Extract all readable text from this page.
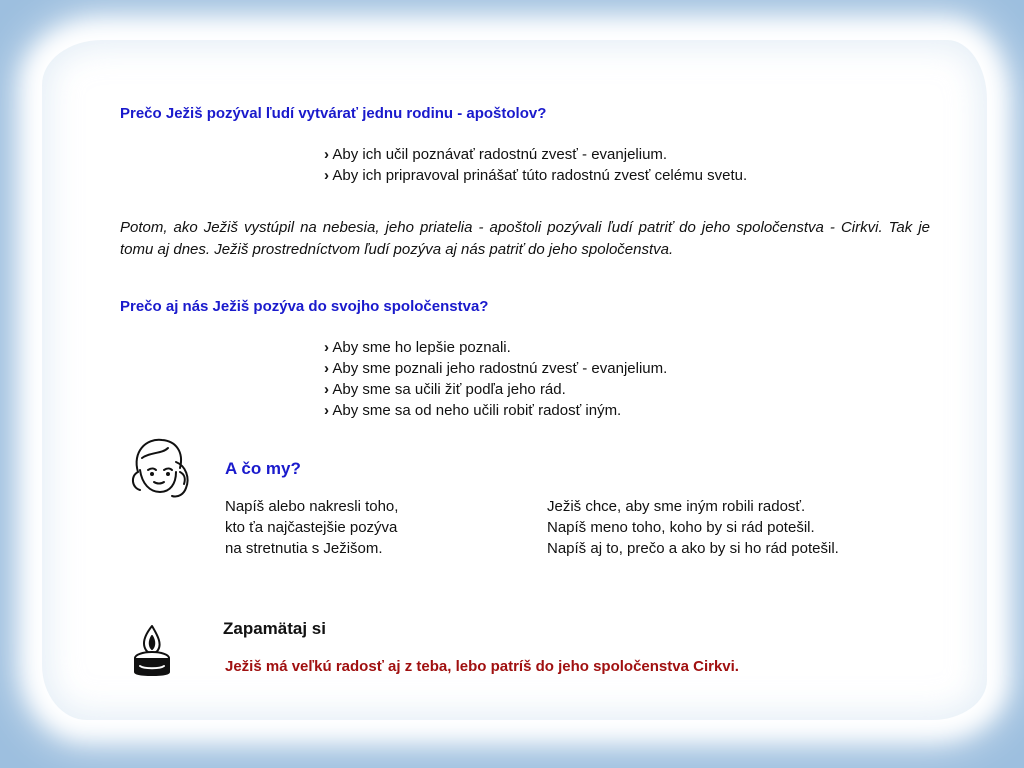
Prečo Ježiš pozýval ľudí vytvárať jednu rodinu - apoštolov?

› Aby ich učil poznávať radostnú zvesť - evanjelium.
› Aby ich pripravoval prinášať túto radostnú zvesť celému svetu.

Potom, ako Ježiš vystúpil na nebesia, jeho priatelia - apoštoli pozývali ľudí patriť do jeho spoločenstva - Cirkvi. Tak je tomu aj dnes. Ježiš prostredníctvom ľudí pozýva aj nás patriť do jeho spoločenstva.

Prečo aj nás Ježiš pozýva do svojho spoločenstva?

› Aby sme ho lepšie poznali.
› Aby sme poznali jeho radostnú zvesť - evanjelium.
› Aby sme sa učili žiť podľa jeho rád.
› Aby sme sa od neho učili robiť radosť iným.

A čo my?

Napíš alebo nakresli toho,
kto ťa najčastejšie pozýva
na stretnutia s Ježišom.
Ježiš chce, aby sme iným robili radosť.
Napíš meno toho, koho by si rád potešil.
Napíš aj to, prečo a ako by si ho rád potešil.

Zapamätaj si

Ježiš má veľkú radosť aj z teba, lebo patríš do jeho spoločenstva Cirkvi.
